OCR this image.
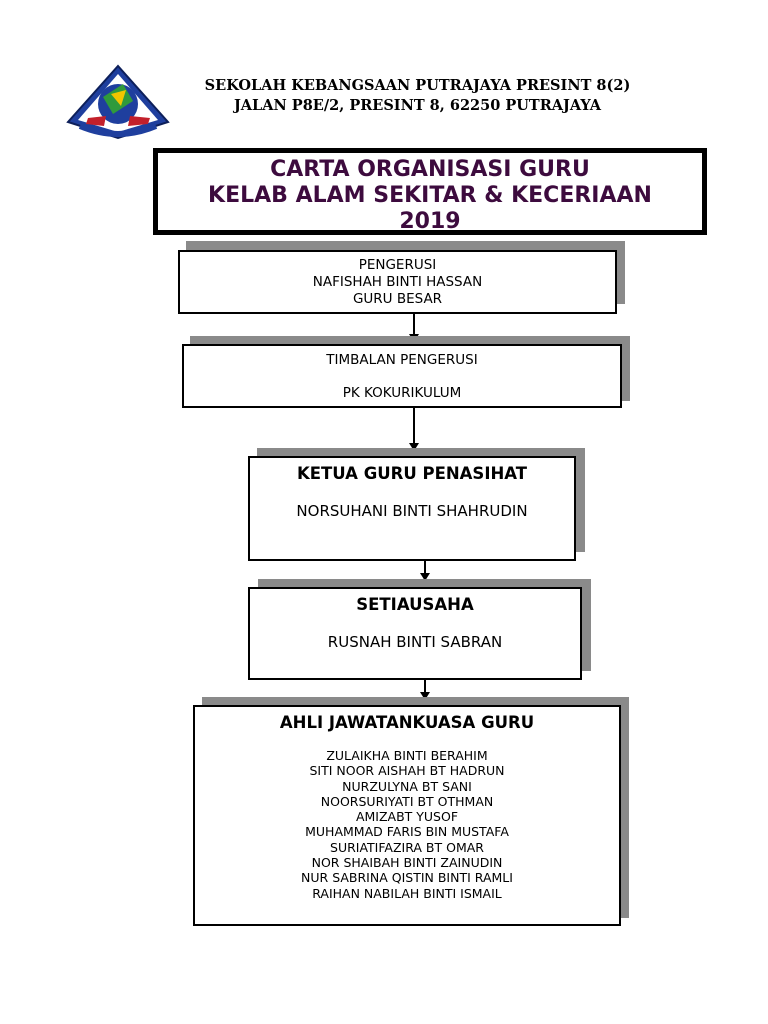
SEKOLAH KEBANGSAAN PUTRAJAYA PRESINT 8(2)
JALAN P8E/2, PRESINT 8, 62250 PUTRAJAYA
CARTA ORGANISASI GURU
KELAB ALAM SEKITAR & KECERIAAN
2019
PENGERUSI
NAFISHAH BINTI HASSAN
GURU BESAR
TIMBALAN PENGERUSI
PK KOKURIKULUM
KETUA GURU PENASIHAT
NORSUHANI BINTI SHAHRUDIN
SETIAUSAHA
RUSNAH BINTI SABRAN
AHLI JAWATANKUASA GURU
ZULAIKHA BINTI BERAHIM
SITI NOOR AISHAH BT HADRUN
NURZULYNA BT SANI
NOORSURIYATI BT OTHMAN
AMIZABT YUSOF
MUHAMMAD FARIS BIN MUSTAFA
SURIATIFAZIRA BT OMAR
NOR SHAIBAH BINTI ZAINUDIN
NUR SABRINA QISTIN BINTI RAMLI
RAIHAN NABILAH BINTI ISMAIL
